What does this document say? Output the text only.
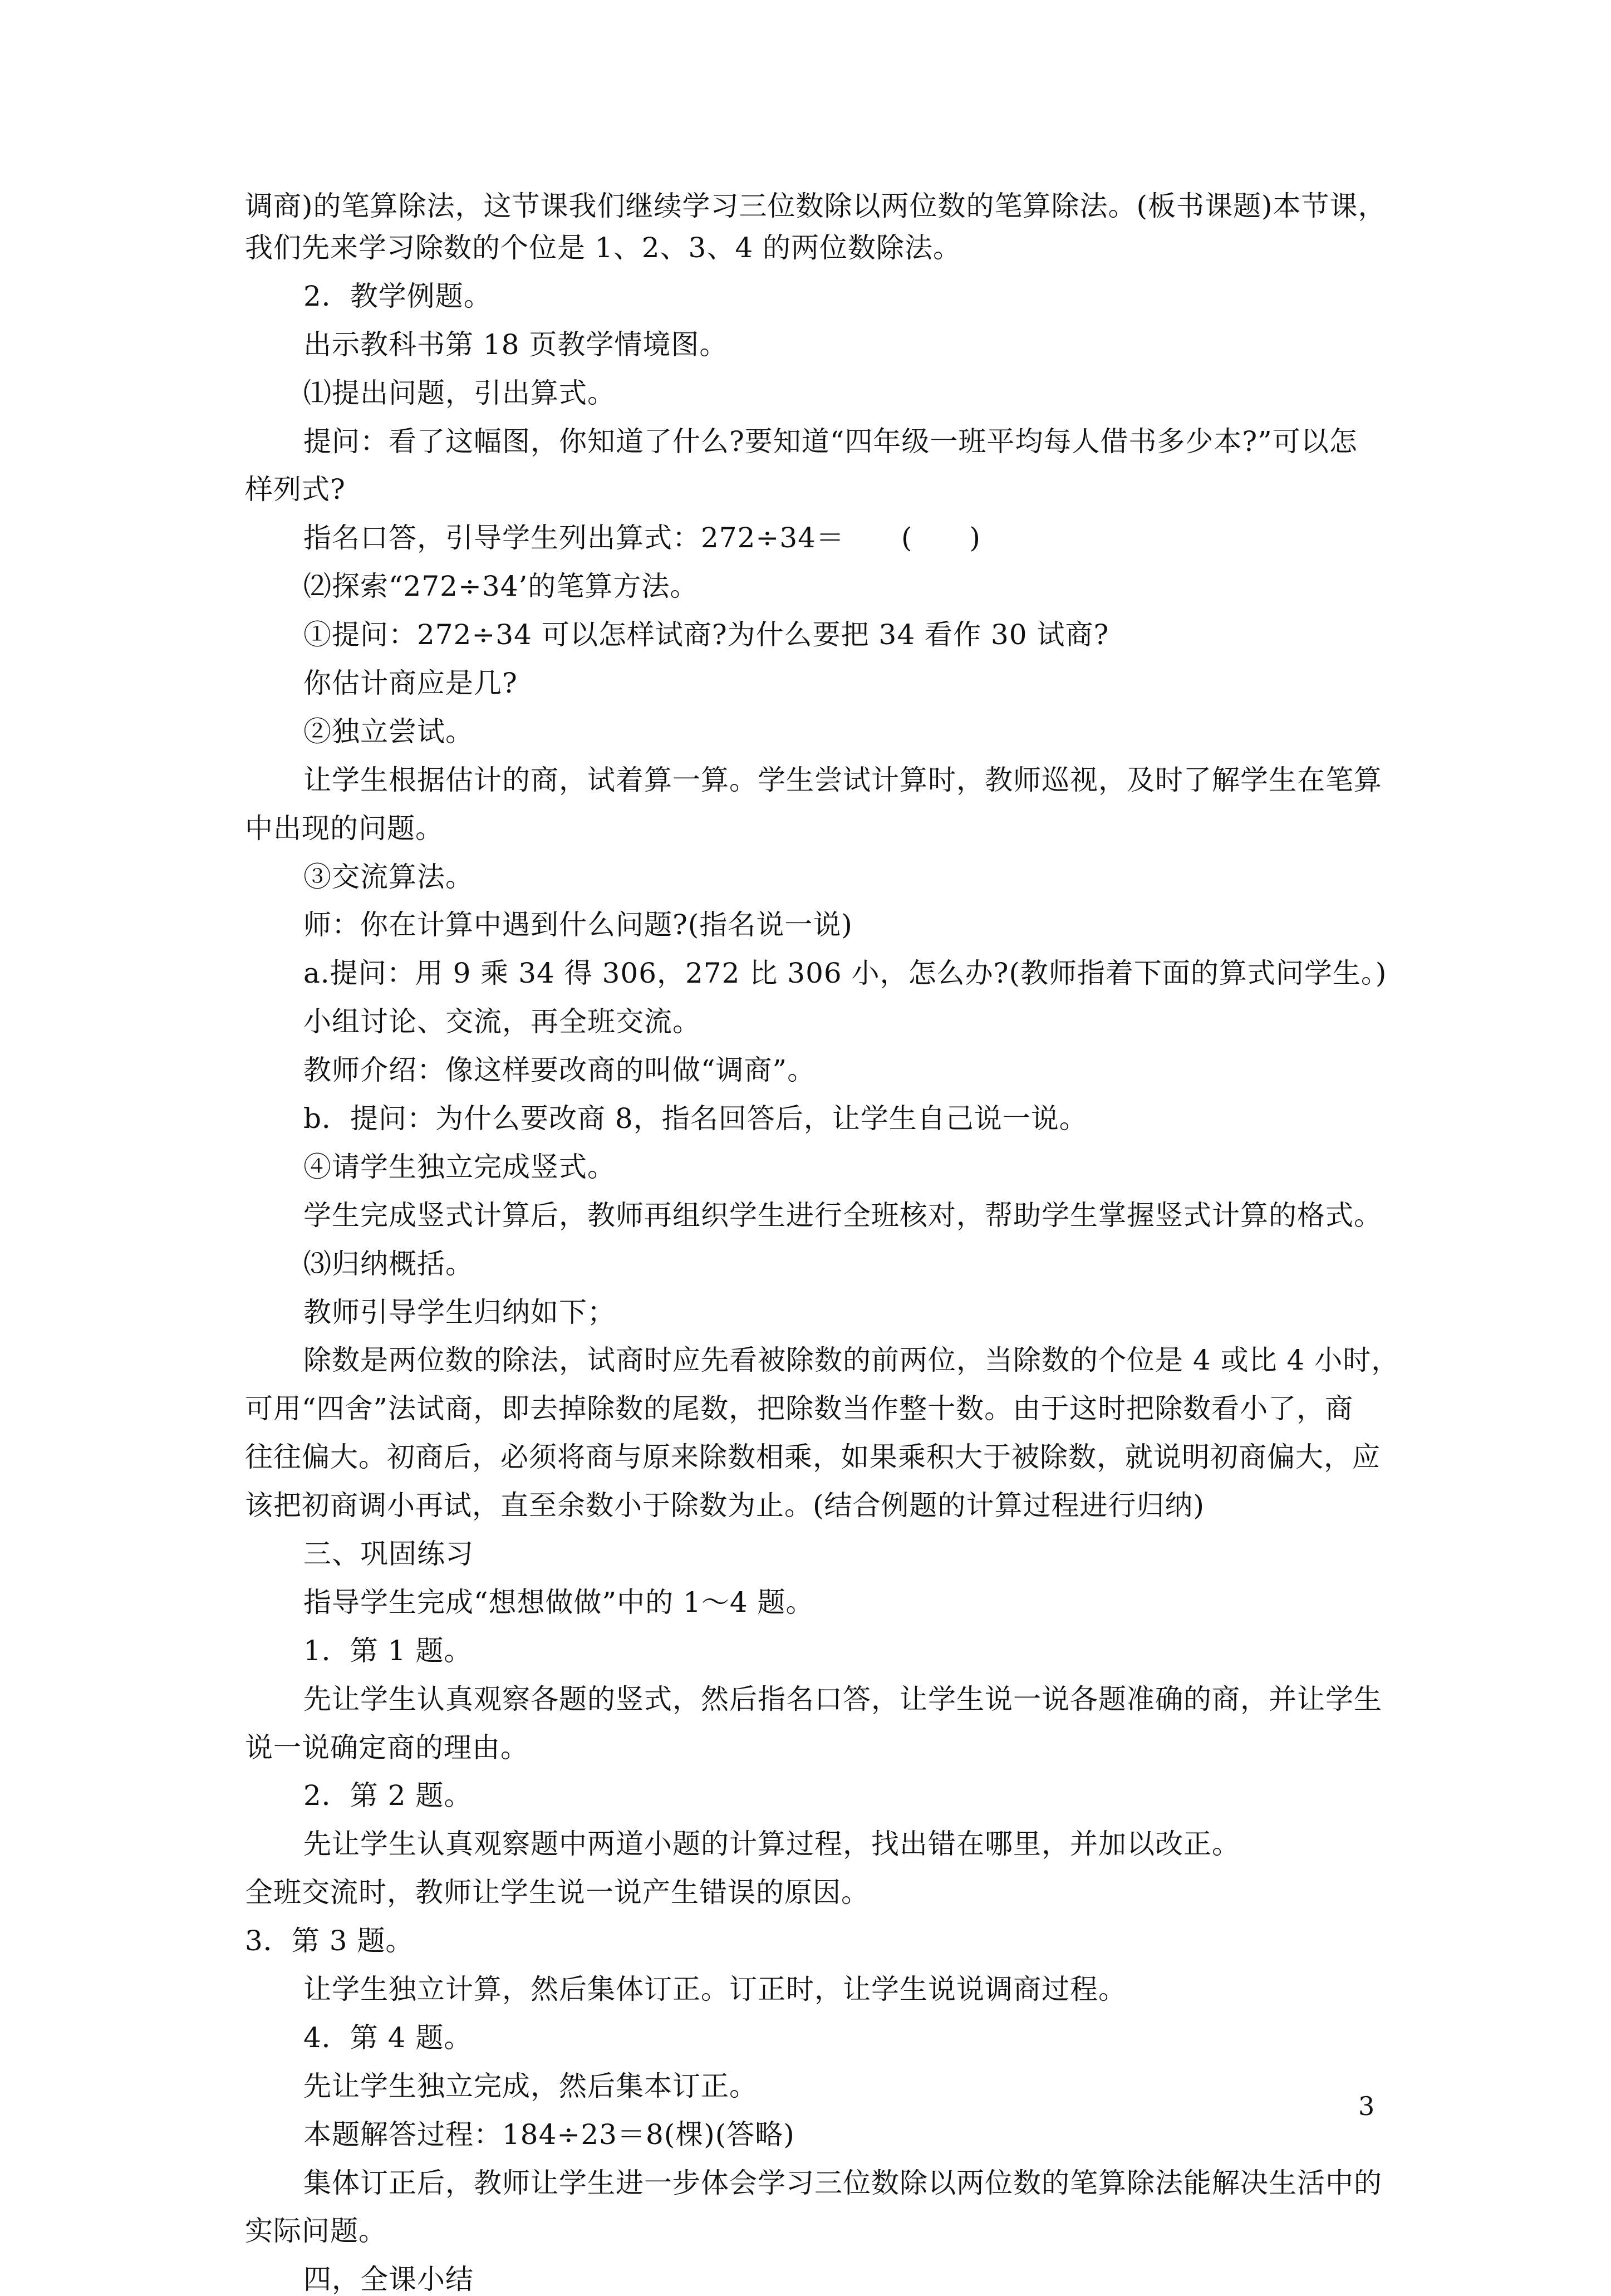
调商)的笔算除法，这节课我们继续学习三位数除以两位数的笔算除法。(板书课题)本节课，
我们先来学习除数的个位是 1、2、3、4 的两位数除法。
2．教学例题。
出示教科书第 18 页教学情境图。
⑴提出问题，引出算式。
提问：看了这幅图，你知道了什么?要知道“四年级一班平均每人借书多少本?”可以怎
样列式?
指名口答，引导学生列出算式：272÷34＝　　(　　)
⑵探索“272÷34’的笔算方法。
①提问：272÷34 可以怎样试商?为什么要把 34 看作 30 试商?
你估计商应是几?
②独立尝试。
让学生根据估计的商，试着算一算。学生尝试计算时，教师巡视，及时了解学生在笔算
中出现的问题。
③交流算法。
师：你在计算中遇到什么问题?(指名说一说)
a.提问：用 9 乘 34 得 306，272 比 306 小，怎么办?(教师指着下面的算式问学生。)
小组讨论、交流，再全班交流。
教师介绍：像这样要改商的叫做“调商”。
b．提问：为什么要改商 8，指名回答后，让学生自己说一说。
④请学生独立完成竖式。
学生完成竖式计算后，教师再组织学生进行全班核对，帮助学生掌握竖式计算的格式。
⑶归纳概括。
教师引导学生归纳如下；
除数是两位数的除法，试商时应先看被除数的前两位，当除数的个位是 4 或比 4 小时，
可用“四舍”法试商，即去掉除数的尾数，把除数当作整十数。由于这时把除数看小了，商
往往偏大。初商后，必须将商与原来除数相乘，如果乘积大于被除数，就说明初商偏大，应
该把初商调小再试，直至余数小于除数为止。(结合例题的计算过程进行归纳)
三、巩固练习
指导学生完成“想想做做”中的 1～4 题。
1．第 1 题。
先让学生认真观察各题的竖式，然后指名口答，让学生说一说各题准确的商，并让学生
说一说确定商的理由。
2．第 2 题。
先让学生认真观察题中两道小题的计算过程，找出错在哪里，并加以改正。
全班交流时，教师让学生说一说产生错误的原因。
3．第 3 题。
让学生独立计算，然后集体订正。订正时，让学生说说调商过程。
4．第 4 题。
先让学生独立完成，然后集本订正。
本题解答过程：184÷23＝8(棵)(答略)
集体订正后，教师让学生进一步体会学习三位数除以两位数的笔算除法能解决生活中的
实际问题。
四，全课小结
3
